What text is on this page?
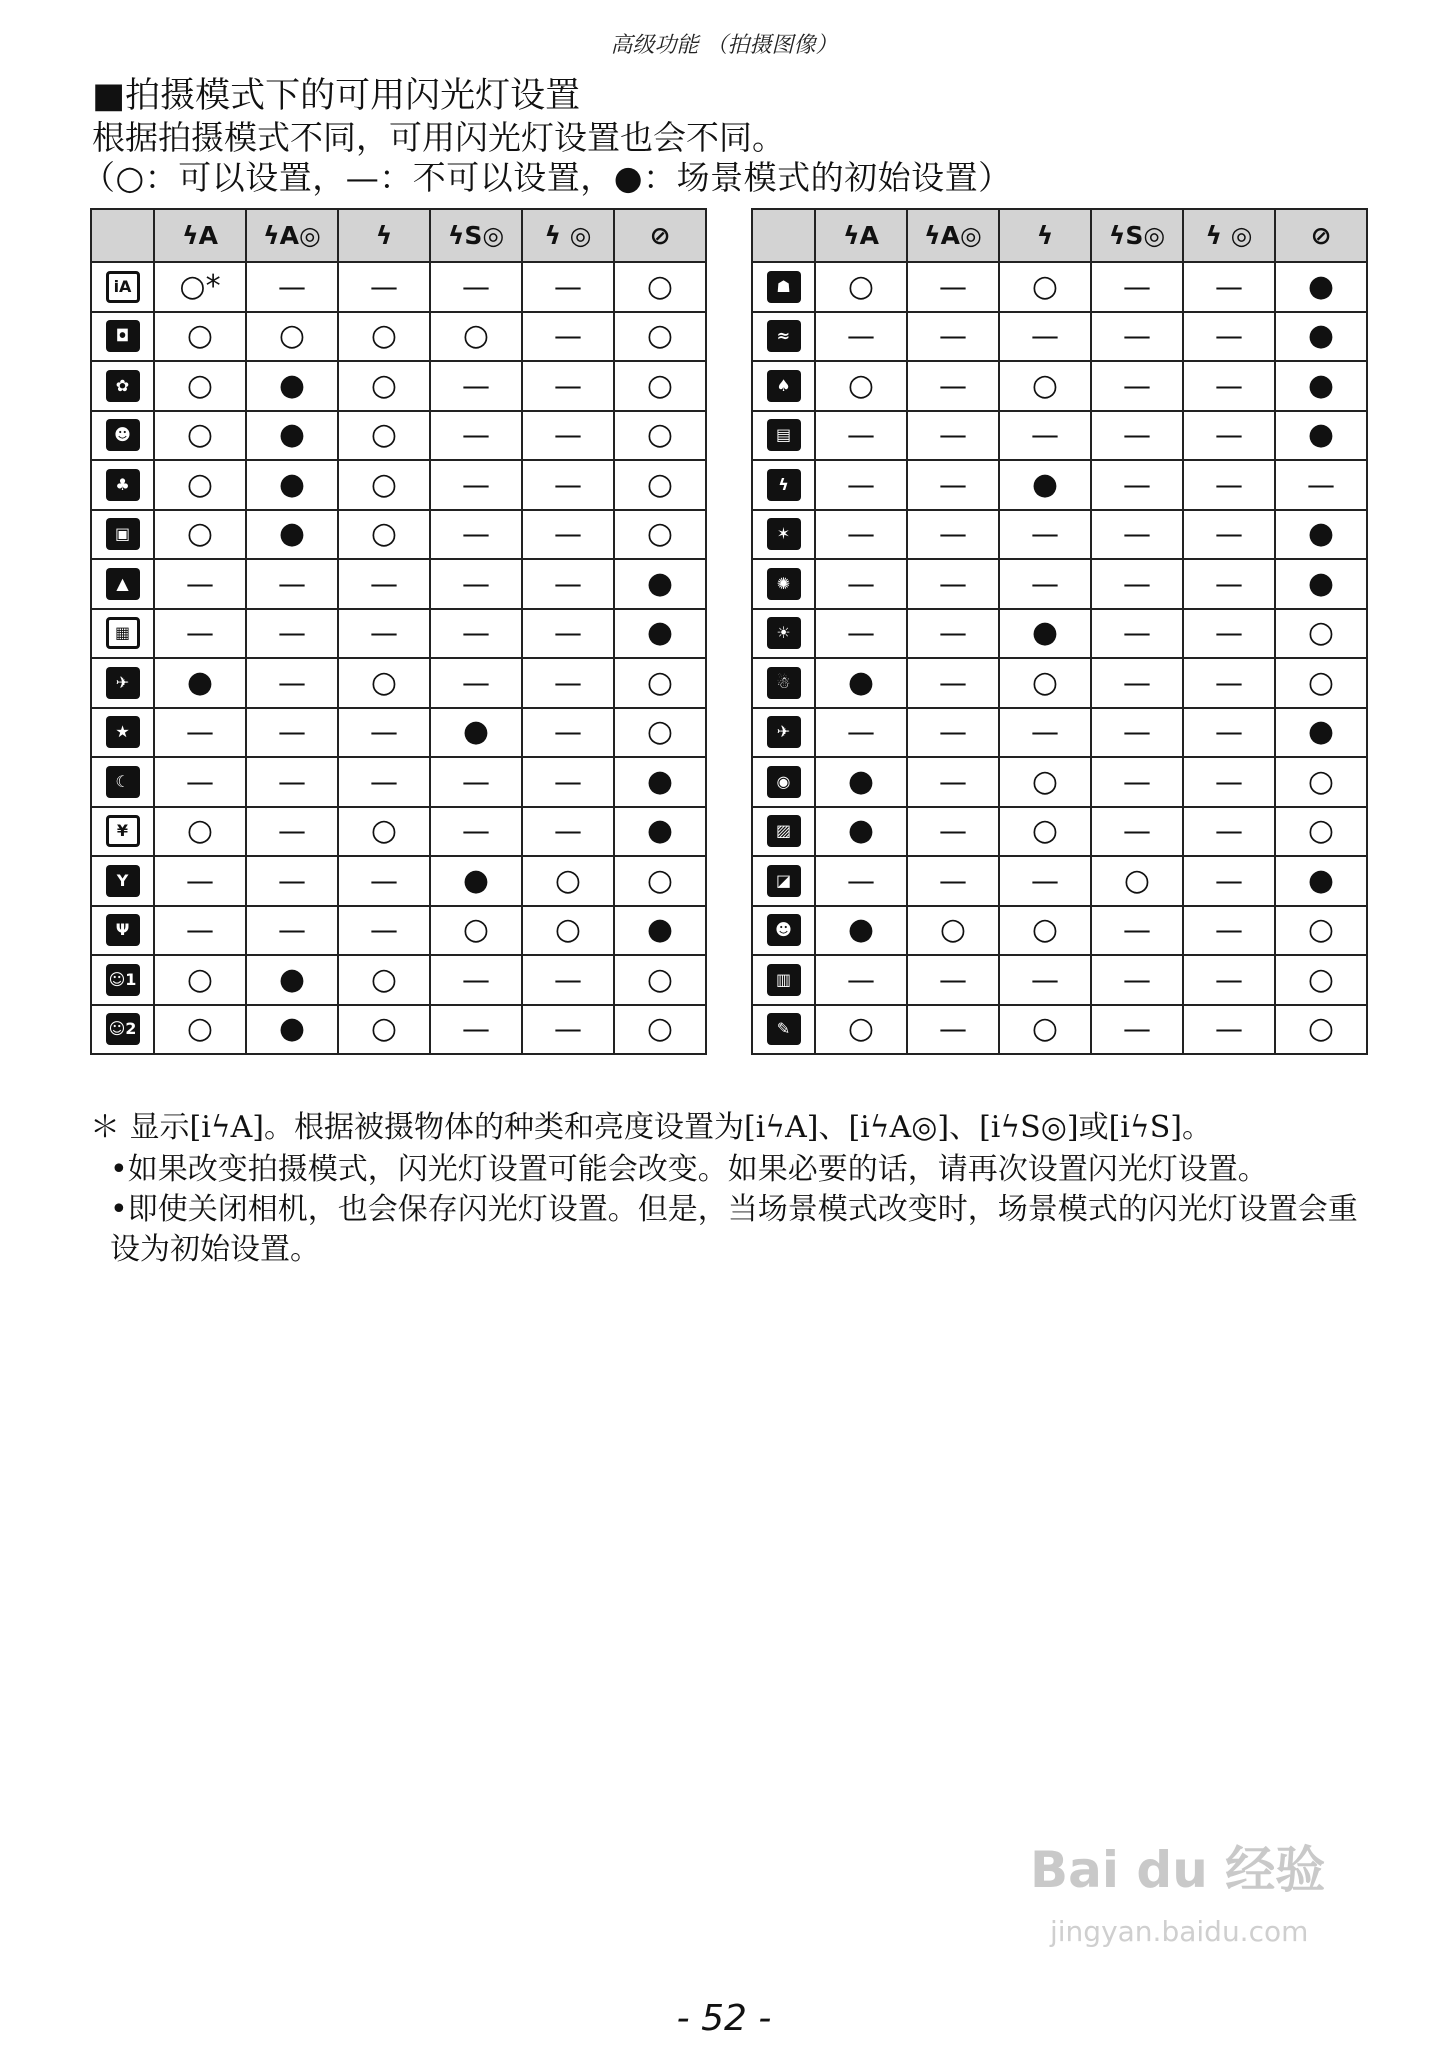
高级功能 （拍摄图像）
■拍摄模式下的可用闪光灯设置
根据拍摄模式不同，可用闪光灯设置也会不同。
（○：可以设置，—：不可以设置，●：场景模式的初始设置）
	ϟA	ϟA◎	ϟ	ϟS◎	ϟ ◎	⊘
iA	○*	—	—	—	—	○
◘	○	○	○	○	—	○
✿	○	●	○	—	—	○
☻	○	●	○	—	—	○
♣	○	●	○	—	—	○
▣	○	●	○	—	—	○
▲	—	—	—	—	—	●
▦	—	—	—	—	—	●
✈	●	—	○	—	—	○
★	—	—	—	●	—	○
☾	—	—	—	—	—	●
¥	○	—	○	—	—	●
Y	—	—	—	●	○	○
Ψ	—	—	—	○	○	●
☺1	○	●	○	—	—	○
☺2	○	●	○	—	—	○
	ϟA	ϟA◎	ϟ	ϟS◎	ϟ ◎	⊘
☗	○	—	○	—	—	●
≈	—	—	—	—	—	●
♠	○	—	○	—	—	●
▤	—	—	—	—	—	●
ϟ	—	—	●	—	—	—
✶	—	—	—	—	—	●
✺	—	—	—	—	—	●
☀	—	—	●	—	—	○
☃	●	—	○	—	—	○
✈	—	—	—	—	—	●
◉	●	—	○	—	—	○
▨	●	—	○	—	—	○
◪	—	—	—	○	—	●
☻	●	○	○	—	—	○
▥	—	—	—	—	—	○
✎	○	—	○	—	—	○
＊ 显示[iϟA]。根据被摄物体的种类和亮度设置为[iϟA]、[iϟA◎]、[iϟS◎]或[iϟS]。
•如果改变拍摄模式，闪光灯设置可能会改变。如果必要的话，请再次设置闪光灯设置。
•即使关闭相机，也会保存闪光灯设置。但是，当场景模式改变时，场景模式的闪光灯设置会重设为初始设置。
Bai du 经验
jingyan.baidu.com
- 52 -
